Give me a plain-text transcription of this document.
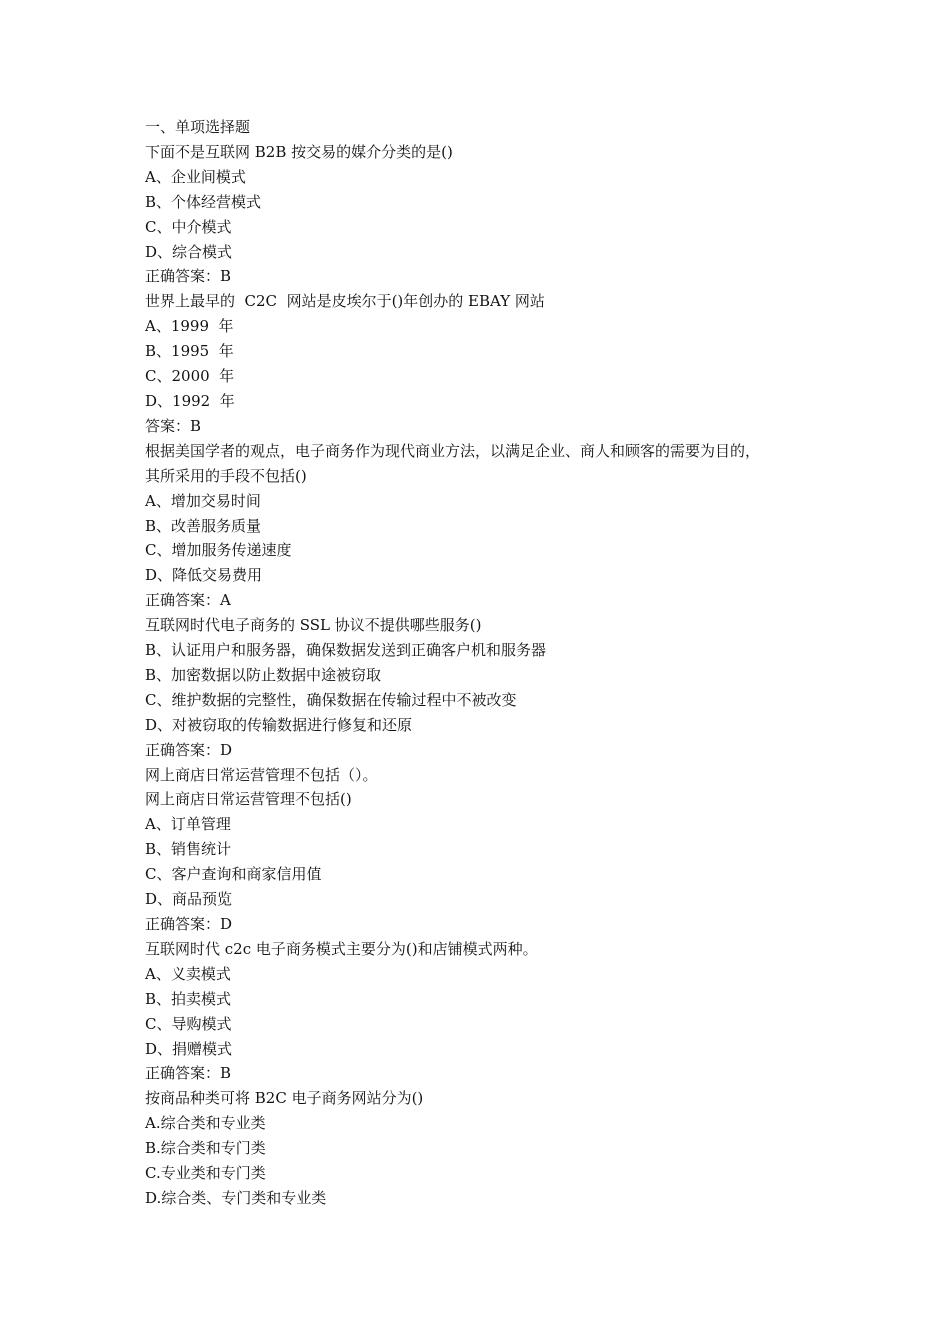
一、单项选择题

下面不是互联网 B2B 按交易的媒介分类的是()

A、企业间模式

B、个体经营模式

C、中介模式

D、综合模式

正确答案：B

世界上最早的  C2C  网站是皮埃尔于()年创办的 EBAY 网站

A、1999  年

B、1995  年

C、2000  年

D、1992  年

答案：B

根据美国学者的观点，电子商务作为现代商业方法，以满足企业、商人和顾客的需要为目的，

其所采用的手段不包括()

A、增加交易时间

B、改善服务质量

C、增加服务传递速度

D、降低交易费用

正确答案：A

互联网时代电子商务的 SSL 协议不提供哪些服务()

B、认证用户和服务器，确保数据发送到正确客户机和服务器

B、加密数据以防止数据中途被窃取

C、维护数据的完整性，确保数据在传输过程中不被改变

D、对被窃取的传输数据进行修复和还原

正确答案：D

网上商店日常运营管理不包括（）。

网上商店日常运营管理不包括()

A、订单管理

B、销售统计

C、客户查询和商家信用值

D、商品预览

正确答案：D

互联网时代 c2c 电子商务模式主要分为()和店铺模式两种。

A、义卖模式

B、拍卖模式

C、导购模式

D、捐赠模式

正确答案：B

按商品种类可将 B2C 电子商务网站分为()

A.综合类和专业类

B.综合类和专门类

C.专业类和专门类

D.综合类、专门类和专业类
